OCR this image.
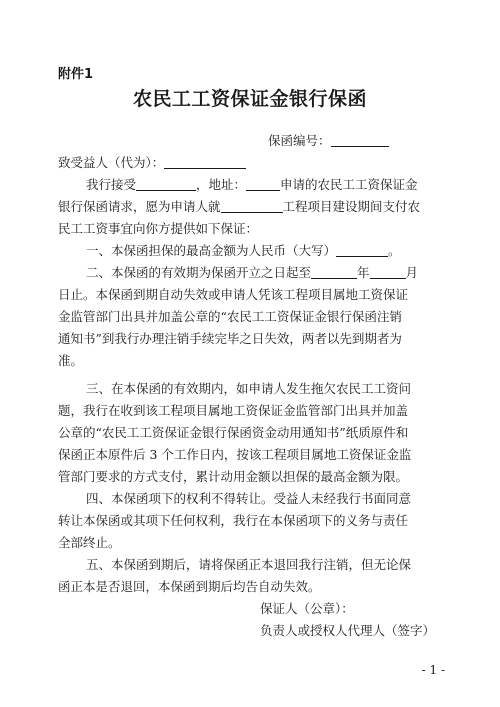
附件1
农民工工资保证金银行保函
保函编号：
致受益人（代为）：
我行接受	，地址：	申请的农民工工资保证金
银行保函请求，愿为申请人就	工程项目建设期间支付农
民工工资事宜向你方提供如下保证：
一、本保函担保的最高金额为人民币（大写）	。
二、本保函的有效期为保函开立之日起至	年	月
日止。本保函到期自动失效或申请人凭该工程项目属地工资保证
金监管部门出具并加盖公章的“农民工工资保证金银行保函注销
通知书”到我行办理注销手续完毕之日失效，两者以先到期者为
准。
三、在本保函的有效期内，如申请人发生拖欠农民工工资问
题，我行在收到该工程项目属地工资保证金监管部门出具并加盖
公章的“农民工工资保证金银行保函资金动用通知书”纸质原件和
保函正本原件后 3 个工作日内，按该工程项目属地工资保证金监
管部门要求的方式支付，累计动用金额以担保的最高金额为限。
四、本保函项下的权利不得转让。受益人未经我行书面同意
转让本保函或其项下任何权利，我行在本保函项下的义务与责任
全部终止。
五、本保函到期后，请将保函正本退回我行注销，但无论保
函正本是否退回，本保函到期后均告自动失效。
保证人（公章）：
负责人或授权人代理人（签字）
- 1 -
